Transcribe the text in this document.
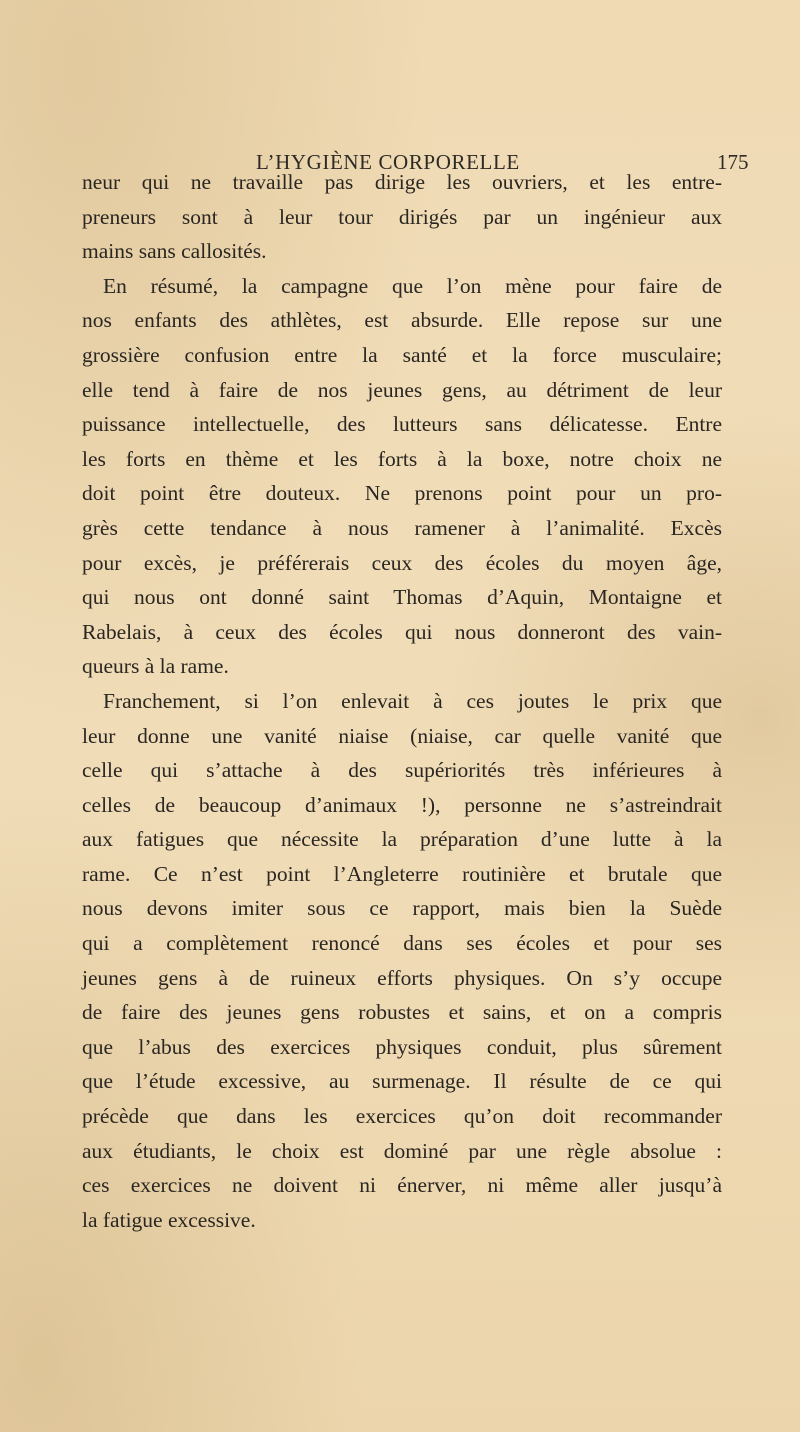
L’HYGIÈNE CORPORELLE	175
neur qui ne travaille pas dirige les ouvriers, et les entre-
preneurs sont à leur tour dirigés par un ingénieur aux
mains sans callosités.
En résumé, la campagne que l’on mène pour faire de
nos enfants des athlètes, est absurde. Elle repose sur une
grossière confusion entre la santé et la force musculaire;
elle tend à faire de nos jeunes gens, au détriment de leur
puissance intellectuelle, des lutteurs sans délicatesse. Entre
les forts en thème et les forts à la boxe, notre choix ne
doit point être douteux. Ne prenons point pour un pro-
grès cette tendance à nous ramener à l’animalité. Excès
pour excès, je préférerais ceux des écoles du moyen âge,
qui nous ont donné saint Thomas d’Aquin, Montaigne et
Rabelais, à ceux des écoles qui nous donneront des vain-
queurs à la rame.
Franchement, si l’on enlevait à ces joutes le prix que
leur donne une vanité niaise (niaise, car quelle vanité que
celle qui s’attache à des supériorités très inférieures à
celles de beaucoup d’animaux !), personne ne s’astreindrait
aux fatigues que nécessite la préparation d’une lutte à la
rame. Ce n’est point l’Angleterre routinière et brutale que
nous devons imiter sous ce rapport, mais bien la Suède
qui a complètement renoncé dans ses écoles et pour ses
jeunes gens à de ruineux efforts physiques. On s’y occupe
de faire des jeunes gens robustes et sains, et on a compris
que l’abus des exercices physiques conduit, plus sûrement
que l’étude excessive, au surmenage. Il résulte de ce qui
précède que dans les exercices qu’on doit recommander
aux étudiants, le choix est dominé par une règle absolue :
ces exercices ne doivent ni énerver, ni même aller jusqu’à
la fatigue excessive.
